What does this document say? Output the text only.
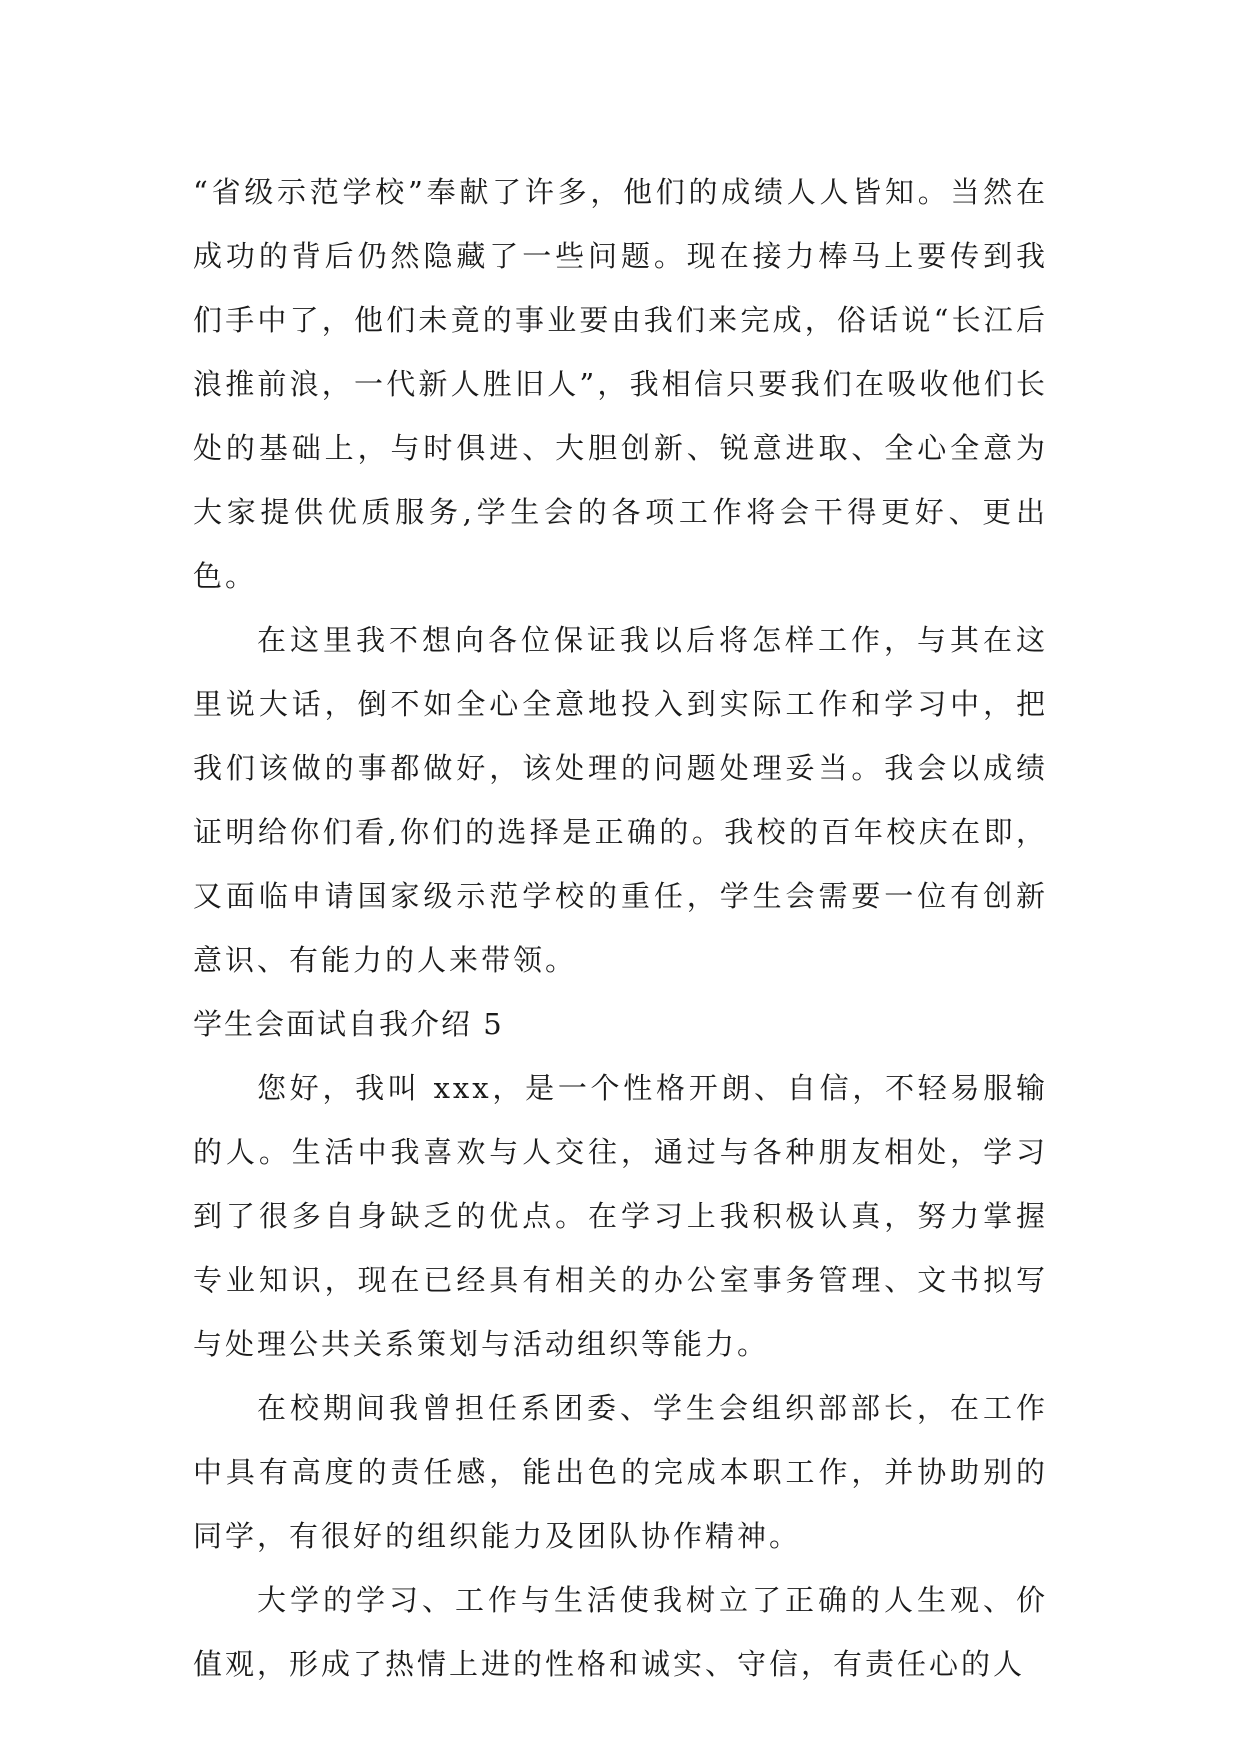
“省级示范学校”奉献了许多，他们的成绩人人皆知。当然在成功的背后仍然隐藏了一些问题。现在接力棒马上要传到我们手中了，他们未竟的事业要由我们来完成，俗话说“长江后浪推前浪，一代新人胜旧人”，我相信只要我们在吸收他们长处的基础上，与时俱进、大胆创新、锐意进取、全心全意为大家提供优质服务,学生会的各项工作将会干得更好、更出色。

在这里我不想向各位保证我以后将怎样工作，与其在这里说大话，倒不如全心全意地投入到实际工作和学习中，把我们该做的事都做好，该处理的问题处理妥当。我会以成绩证明给你们看,你们的选择是正确的。我校的百年校庆在即，又面临申请国家级示范学校的重任，学生会需要一位有创新意识、有能力的人来带领。

学生会面试自我介绍 5

您好，我叫 xxx，是一个性格开朗、自信，不轻易服输的人。生活中我喜欢与人交往，通过与各种朋友相处，学习到了很多自身缺乏的优点。在学习上我积极认真，努力掌握专业知识，现在已经具有相关的办公室事务管理、文书拟写与处理公共关系策划与活动组织等能力。

在校期间我曾担任系团委、学生会组织部部长，在工作中具有高度的责任感，能出色的完成本职工作，并协助别的同学，有很好的组织能力及团队协作精神。

大学的学习、工作与生活使我树立了正确的人生观、价值观，形成了热情上进的性格和诚实、守信，有责任心的人
